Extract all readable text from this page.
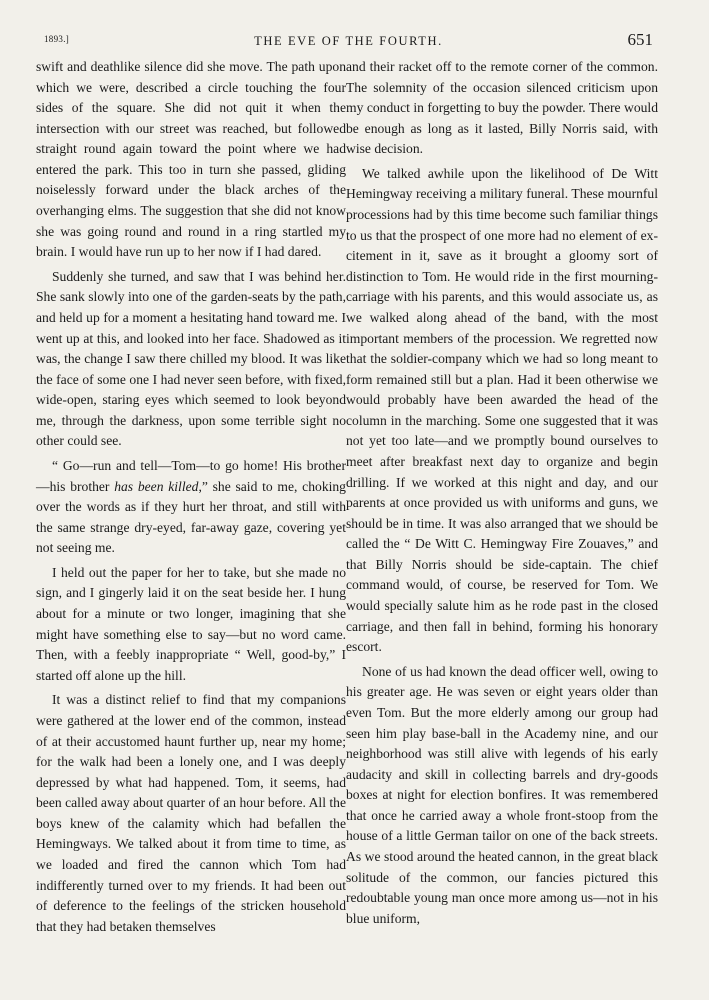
1893.]	THE EVE OF THE FOURTH.	651

swift and deathlike silence did she move. The path upon which we were, described a circle touching the four sides of the square. She did not quit it when the intersection with our street was reached, but followed straight round again toward the point where we had entered the park. This too in turn she passed, gliding noiselessly forward under the black arches of the overhanging elms. The suggestion that she did not know she was going round and round in a ring startled my brain. I would have run up to her now if I had dared.

Suddenly she turned, and saw that I was behind her. She sank slowly into one of the garden-seats by the path, and held up for a moment a hesitating hand toward me. I went up at this, and looked into her face. Shadowed as it was, the change I saw there chilled my blood. It was like the face of some one I had never seen before, with fixed, wide-open, staring eyes which seemed to look beyond me, through the darkness, upon some terrible sight no other could see.

“ Go—run and tell—Tom—to go home! His brother—his brother has been killed,” she said to me, choking over the words as if they hurt her throat, and still with the same strange dry-eyed, far-away gaze, covering yet not seeing me.

I held out the paper for her to take, but she made no sign, and I gingerly laid it on the seat beside her. I hung about for a minute or two longer, imagining that she might have something else to say—but no word came. Then, with a feebly inappropriate “ Well, good-by,” I started off alone up the hill.

It was a distinct relief to find that my companions were gathered at the lower end of the common, instead of at their accustomed haunt further up, near my home; for the walk had been a lonely one, and I was deeply depressed by what had happened. Tom, it seems, had been called away about quarter of an hour before. All the boys knew of the calamity which had befallen the Hemingways. We talked about it from time to time, as we loaded and fired the cannon which Tom had indifferently turned over to my friends. It had been out of deference to the feelings of the stricken household that they had betaken themselves

and their racket off to the remote corner of the common. The solemnity of the occasion silenced criticism upon my conduct in forgetting to buy the powder. There would be enough as long as it lasted, Billy Norris said, with wise decision.

We talked awhile upon the likelihood of De Witt Hemingway receiving a military funeral. These mournful processions had by this time become such familiar things to us that the prospect of one more had no element of excitement in it, save as it brought a gloomy sort of distinction to Tom. He would ride in the first mourning-carriage with his parents, and this would associate us, as we walked along ahead of the band, with the most important members of the procession. We regretted now that the soldier-company which we had so long meant to form remained still but a plan. Had it been otherwise we would probably have been awarded the head of the column in the marching. Some one suggested that it was not yet too late—and we promptly bound ourselves to meet after breakfast next day to organize and begin drilling. If we worked at this night and day, and our parents at once provided us with uniforms and guns, we should be in time. It was also arranged that we should be called the “ De Witt C. Hemingway Fire Zouaves,” and that Billy Norris should be side-captain. The chief command would, of course, be reserved for Tom. We would specially salute him as he rode past in the closed carriage, and then fall in behind, forming his honorary escort.

None of us had known the dead officer well, owing to his greater age. He was seven or eight years older than even Tom. But the more elderly among our group had seen him play base-ball in the Academy nine, and our neighborhood was still alive with legends of his early audacity and skill in collecting barrels and dry-goods boxes at night for election bonfires. It was remembered that once he carried away a whole front-stoop from the house of a little German tailor on one of the back streets. As we stood around the heated cannon, in the great black solitude of the common, our fancies pictured this redoubtable young man once more among us—not in his blue uniform,
